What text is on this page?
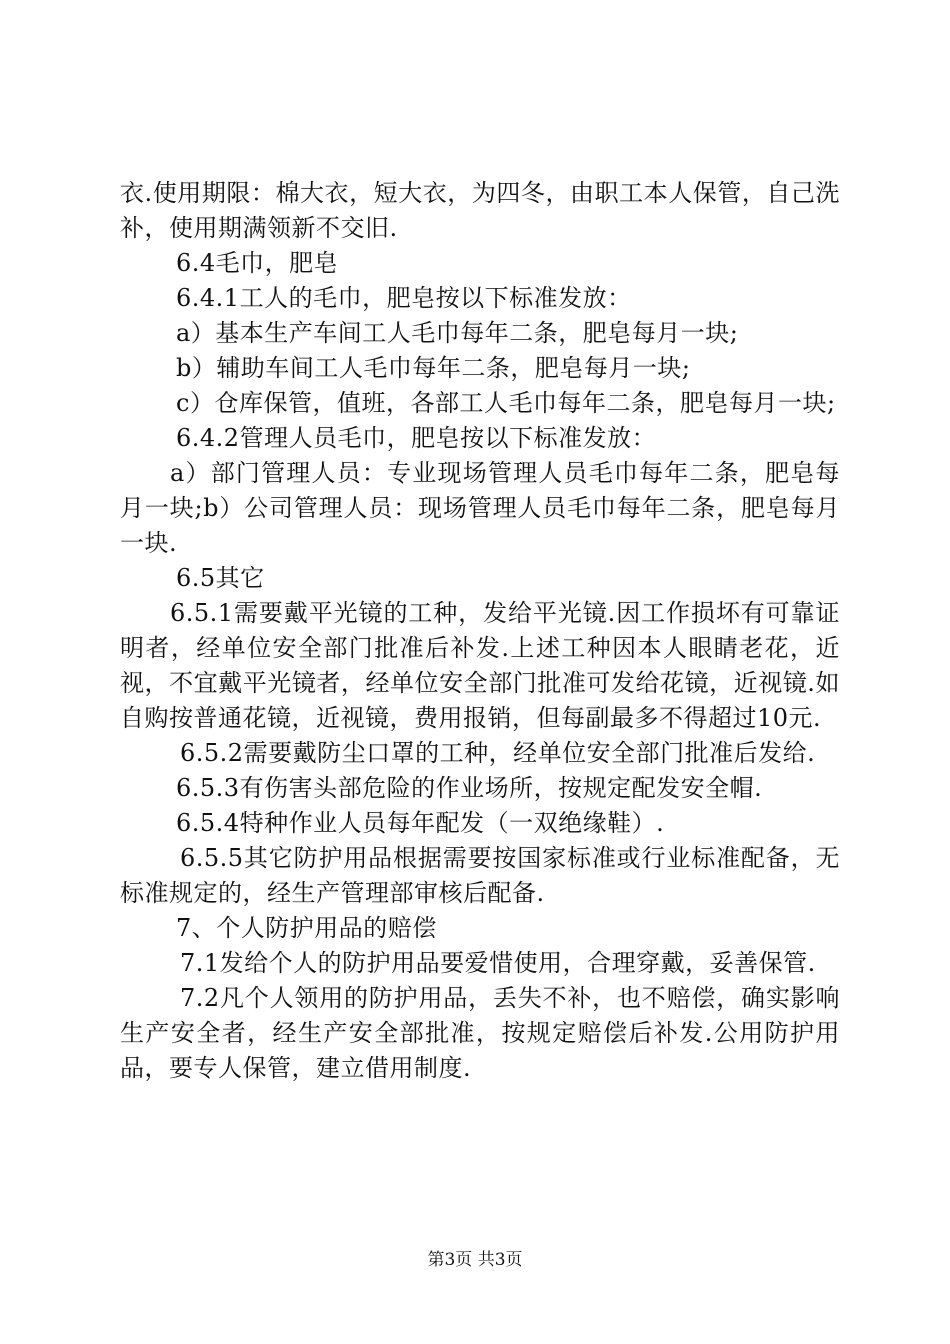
衣.使用期限：棉大衣，短大衣，为四冬，由职工本人保管，自己洗补，使用期满领新不交旧.

6.4毛巾，肥皂

6.4.1工人的毛巾，肥皂按以下标准发放：

a）基本生产车间工人毛巾每年二条，肥皂每月一块;

b）辅助车间工人毛巾每年二条，肥皂每月一块;

c）仓库保管，值班，各部工人毛巾每年二条，肥皂每月一块;

6.4.2管理人员毛巾，肥皂按以下标准发放：

a）部门管理人员：专业现场管理人员毛巾每年二条，肥皂每月一块;b）公司管理人员：现场管理人员毛巾每年二条，肥皂每月一块.

6.5其它

6.5.1需要戴平光镜的工种，发给平光镜.因工作损坏有可靠证明者，经单位安全部门批准后补发.上述工种因本人眼睛老花，近视，不宜戴平光镜者，经单位安全部门批准可发给花镜，近视镜.如自购按普通花镜，近视镜，费用报销，但每副最多不得超过10元.

6.5.2需要戴防尘口罩的工种，经单位安全部门批准后发给.

6.5.3有伤害头部危险的作业场所，按规定配发安全帽.

6.5.4特种作业人员每年配发（一双绝缘鞋）.

6.5.5其它防护用品根据需要按国家标准或行业标准配备，无标准规定的，经生产管理部审核后配备.

7、个人防护用品的赔偿

7.1发给个人的防护用品要爱惜使用，合理穿戴，妥善保管.

7.2凡个人领用的防护用品，丢失不补，也不赔偿，确实影响生产安全者，经生产安全部批准，按规定赔偿后补发.公用防护用品，要专人保管，建立借用制度.

第3页 共3页
